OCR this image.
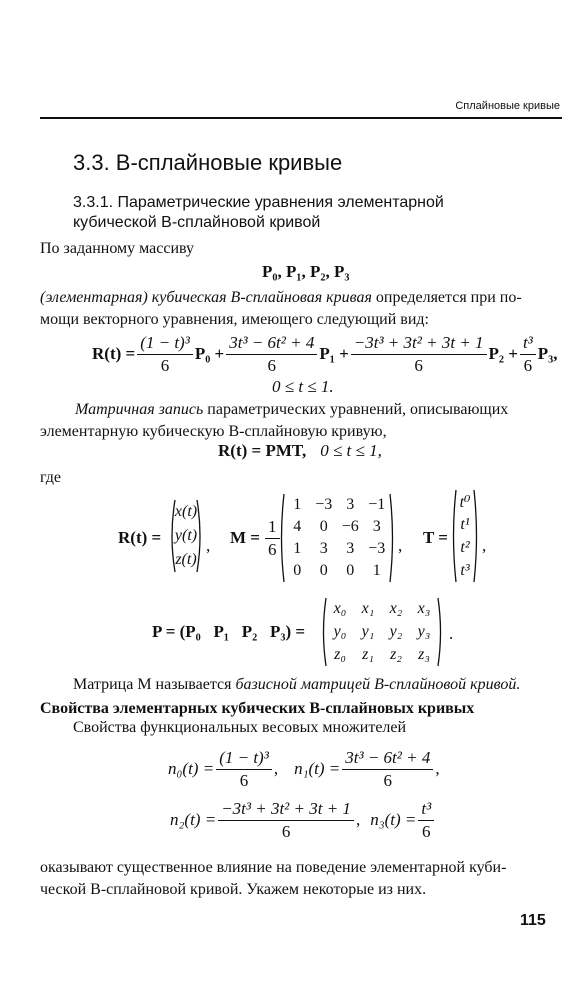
Сплайновые кривые
3.3. B-сплайновые кривые
3.3.1. Параметрические уравнения элементарной
кубической B-сплайновой кривой
По заданному массиву
P₀, P₁, P₂, P₃
(элементарная) кубическая B-сплайновая кривая определяется при по-
мощи векторного уравнения, имеющего следующий вид:
$R(t) = \frac{\text{(1 − t)³}}{6} P_0 + \frac{\text{3t³ − 6t² + 4}}{6} P_1 + \frac{\text{−3t³ + 3t² + 3t + 1}}{6} P_2 + \frac{\text{t³}}{6} P_3$,
0 ≤ t ≤ 1.
Матричная запись параметрических уравнений, описывающих
элементарную кубическую B-сплайновую кривую,
R(t) = PMT, 0 ≤ t ≤ 1,
где
R(t) =
x(t)
y(t)
z(t)
, $M = \frac{1}{6}$
1 −3 3 −1
4	0 −6 3
1	3	3 −3
0	0	0	1
, T =
t⁰
t¹
t²
t³
,
P = (P₀   P₁   P₂   P₃) =
x₀ x₁ x₂ x₃
y₀ y₁ y₂ y₃
z₀	z₁	z₂	z₃
.
Матрица M называется базисной матрицей B-сплайновой кривой.
Свойства элементарных кубических B-сплайновых кривых
Свойства функциональных весовых множителей
$n_0(t) = \frac{\text{(1 − t)³}}{6}$ , $n_1(t) = \frac{\text{3t³ − 6t² + 4}}{6}$ ,
$n_2(t) = \frac{\text{−3t³ + 3t² + 3t + 1}}{6}$ , $n_3(t) = \frac{\text{t³}}{6}$
оказывают существенное влияние на поведение элементарной куби-
ческой B-сплайновой кривой. Укажем некоторые из них.
115
